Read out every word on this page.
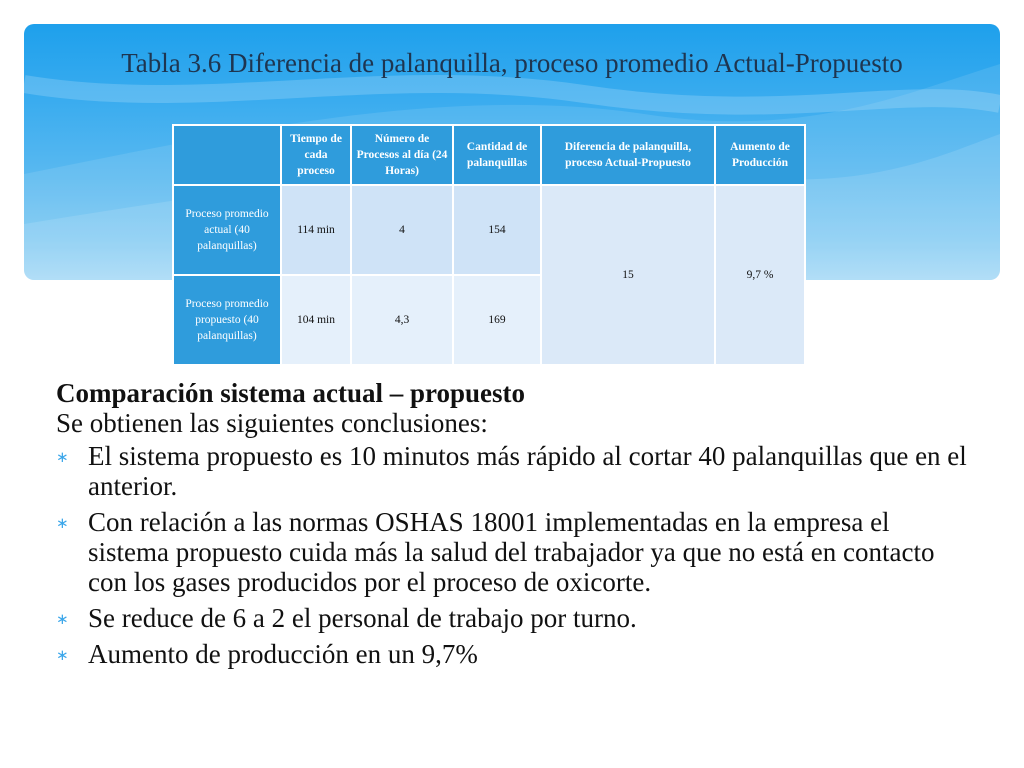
Tabla 3.6 Diferencia de palanquilla, proceso promedio Actual-Propuesto
	Tiempo de cada proceso	Número de Procesos al día (24 Horas)	Cantidad de palanquillas	Diferencia de palanquilla, proceso Actual-Propuesto	Aumento de Producción
Proceso promedio actual (40 palanquillas)	114 min	4	154	15	9,7 %
Proceso promedio propuesto (40 palanquillas)	104 min	4,3	169		

Comparación sistema actual – propuesto

Se obtienen las siguientes conclusiones:

∗ El sistema propuesto es 10 minutos más rápido al cortar 40 palanquillas que en el anterior.
∗ Con relación a las normas OSHAS 18001 implementadas en la empresa el sistema propuesto cuida más la salud del trabajador ya que no está en contacto con los gases producidos por el proceso de oxicorte.
∗ Se reduce de 6 a 2 el personal de trabajo por turno.
∗ Aumento de producción en un 9,7%
